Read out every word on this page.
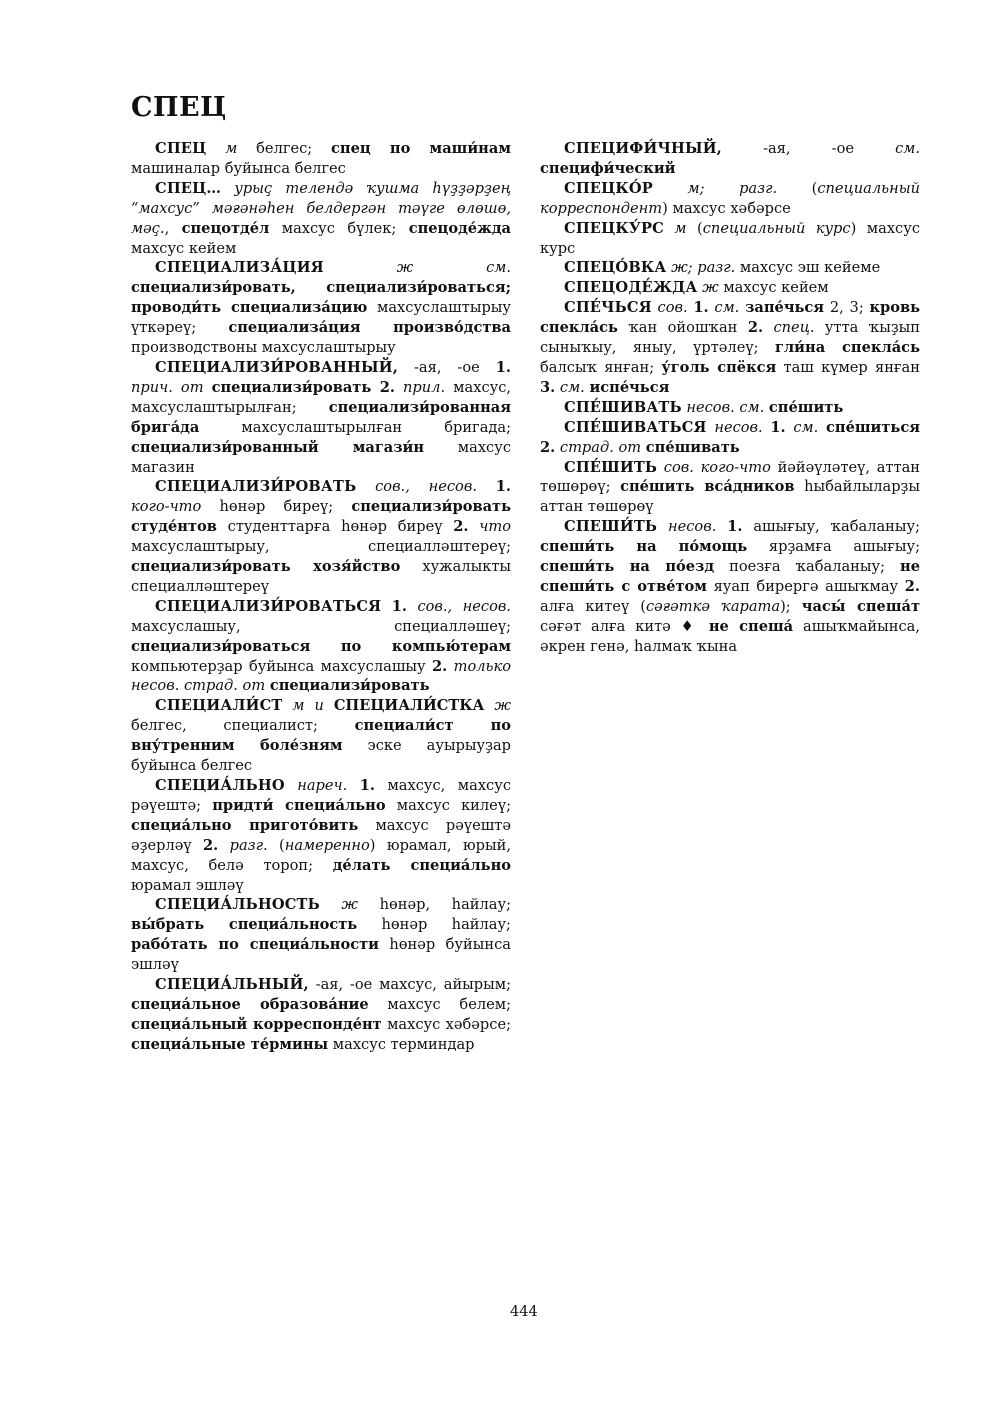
СПЕЦ

СПЕЦ м белгес; спец по маши́нам машиналар буйынса белгес

СПЕЦ… урыҫ телендә ҡушма һүҙҙәрҙең “махсус” мәғәнәһен белдергән тәүге өлөшө, мәҫ., спецотде́л махсус бүлек; спецоде́жда махсус кейем

СПЕЦИАЛИЗА́ЦИЯ ж см. специализи́ровать, специализи́роваться; проводи́ть специализа́цию махсуслаштырыу үткәреү; специализа́ция произво́дства производствоны махсуслаштырыу

СПЕЦИАЛИЗИ́РОВАННЫЙ, -ая, -ое 1. прич. от специализи́ровать 2. прил. махсус, махсуслаштырылған; специализи́рованная брига́да махсуслаштырылған бригада; специализи́рованный магази́н махсус магазин

СПЕЦИАЛИЗИ́РОВАТЬ сов., несов. 1. кого-что һөнәр биреү; специализи́ровать студе́нтов студенттарға һөнәр биреү 2. что махсуслаштырыу, специалләштереү; специализи́ровать хозя́йство хужалыкты специалләштереү

СПЕЦИАЛИЗИ́РОВАТЬСЯ 1. сов., несов. махсуслашыу, специалләшеү; специализи́роваться по компью́терам компьютерҙар буйынса махсуслашыу 2. только несов. страд. от специализи́ровать

СПЕЦИАЛИ́СТ м и СПЕЦИАЛИ́СТКА ж белгес, специалист; специали́ст по вну́тренним боле́зням эске ауырыуҙар буйынса белгес

СПЕЦИА́ЛЬНО нареч. 1. махсус, махсус рәүештә; придти́ специа́льно махсус килеү; специа́льно пригото́вить махсус рәүештә әҙерләү 2. разг. (намеренно) юрамал, юрый, махсус, белә тороп; де́лать специа́льно юрамал эшләү

СПЕЦИА́ЛЬНОСТЬ ж һөнәр, һайлау; вы́брать специа́льность һөнәр һайлау; рабо́тать по специа́льности һөнәр буйынса эшләү

СПЕЦИА́ЛЬНЫЙ, -ая, -ое махсус, айырым; специа́льное образова́ние махсус белем; специа́льный корреспонде́нт махсус хәбәрсе; специа́льные те́рмины махсус терминдар

СПЕЦИФИ́ЧНЫЙ,	-ая, -ое см. специфи́ческий

СПЕЦКО́Р м; разг. (специальный корреспондент) махсус хәбәрсе

СПЕЦКУ́РС м (специальный курс) махсус курс

СПЕЦО́ВКА ж; разг. махсус эш кейеме

СПЕЦОДЕ́ЖДА ж махсус кейем

СПЕ́ЧЬСЯ сов. 1. см. запе́чься 2, 3; кровь спекла́сь ҡан ойошҡан 2. спец. утта ҡыҙып сыныҡыу, яныу, үртәлеү; гли́на спекла́сь балсыҡ янған; у́голь спёкся таш күмер янған 3. см. испе́чься

СПЕ́ШИВАТЬ несов. см. спе́шить

СПЕ́ШИВАТЬСЯ несов. 1. см. спе́шиться 2. страд. от спе́шивать

СПЕ́ШИТЬ сов. кого-что йәйәүләтеү, аттан төшөрөү; спе́шить вса́дников һыбайлыларҙы аттан төшөрөү

СПЕШИ́ТЬ несов. 1. ашығыу, ҡабаланыу; спеши́ть на по́мощь ярҙамға ашығыу; спеши́ть на по́езд поезға ҡабаланыу; не спеши́ть с отве́том яуап бирергә ашыҡмау 2. алға китеү (сәғәткә ҡарата); часы́ спеша́т сәғәт алға китә ♦ не спеша́ ашыҡмайынса, әкрен генә, һалмаҡ ҡына

444
